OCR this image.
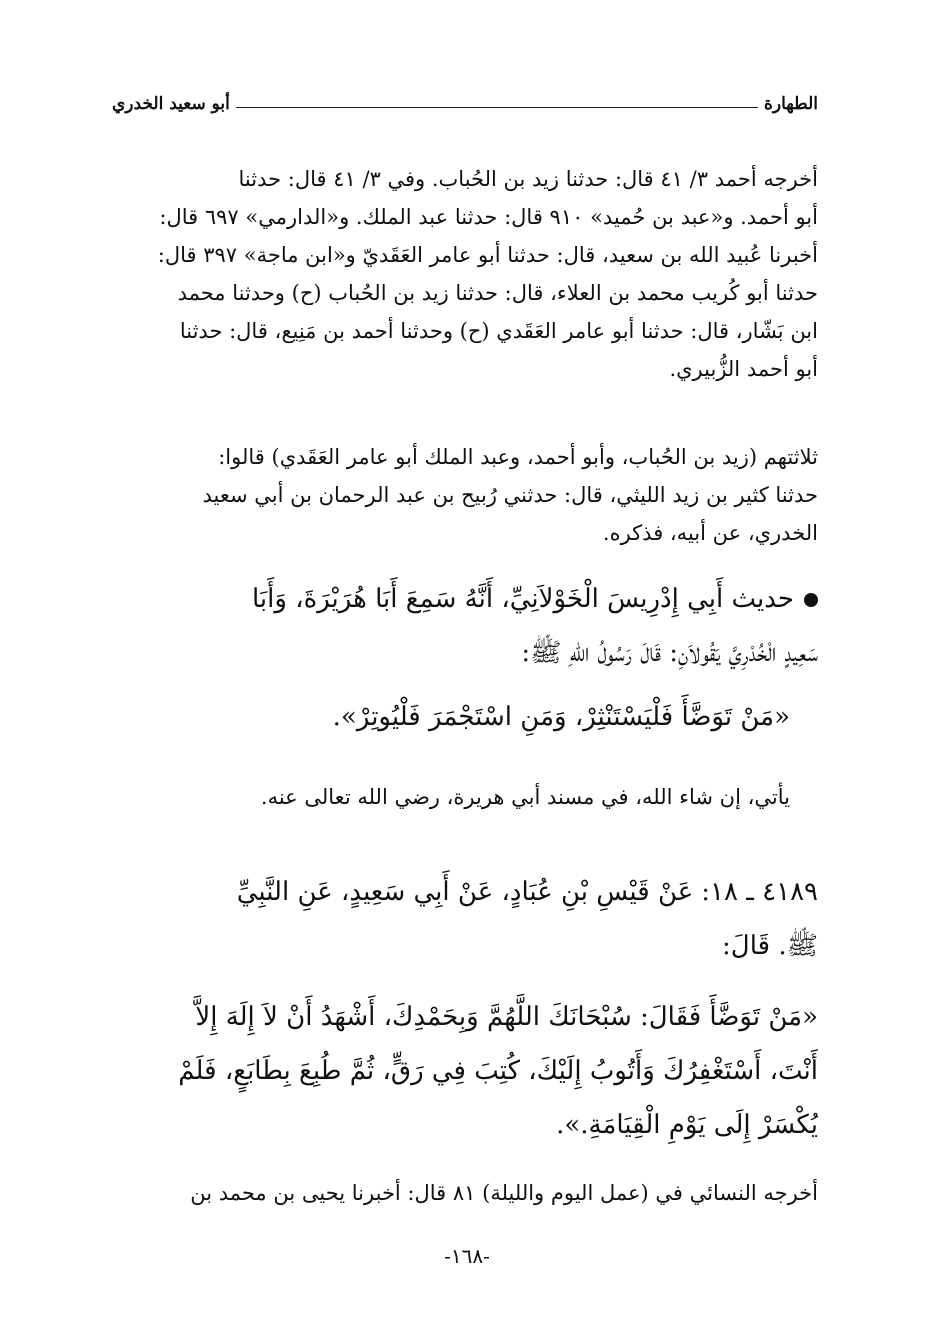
الطهارة
أبو سعيد الخدري
أخرجه أحمد ٣/ ٤١ قال: حدثنا زيد بن الحُباب. وفي ٣/ ٤١ قال: حدثنا
أبو أحمد. و«عبد بن حُميد» ٩١٠ قال: حدثنا عبد الملك. و«الدارمي» ٦٩٧ قال:
أخبرنا عُبيد الله بن سعيد، قال: حدثنا أبو عامر العَقَديّ و«ابن ماجة» ٣٩٧ قال:
حدثنا أبو كُريب محمد بن العلاء، قال: حدثنا زيد بن الحُباب (ح) وحدثنا محمد
ابن بَشّار، قال: حدثنا أبو عامر العَقَدي (ح) وحدثنا أحمد بن مَنِيع، قال: حدثنا
أبو أحمد الزُّبيري.
ثلاثتهم (زيد بن الحُباب، وأبو أحمد، وعبد الملك أبو عامر العَقَدي) قالوا:
حدثنا كثير بن زيد الليثي، قال: حدثني رُبيح بن عبد الرحمان بن أبي سعيد
الخدري، عن أبيه، فذكره.
حديث أَبِي إِدْرِيسَ الْخَوْلاَنِيِّ، أَنَّهُ سَمِعَ أَبَا هُرَيْرَةَ، وَأَبَا
سَعِيدٍ الْخُدْرِيَّ يَقُولاَنِ: قَالَ رَسُولُ اللهِ ﷺ:
«مَنْ تَوَضَّأَ فَلْيَسْتَنْثِرْ، وَمَنِ اسْتَجْمَرَ فَلْيُوتِرْ».
يأتي، إن شاء الله، في مسند أبي هريرة، رضي الله تعالى عنه.
٤١٨٩ ـ ١٨:عَنْ قَيْسِ بْنِ عُبَادٍ، عَنْ أَبِي سَعِيدٍ، عَنِ النَّبِيِّ
ﷺ. قَالَ:
«مَنْ تَوَضَّأَ فَقَالَ: سُبْحَانَكَ اللَّهُمَّ وَبِحَمْدِكَ، أَشْهَدُ أَنْ لاَ إِلَهَ إِلاَّ
أَنْتَ، أَسْتَغْفِرُكَ وَأَتُوبُ إِلَيْكَ، كُتِبَ فِي رَقٍّ، ثُمَّ طُبِعَ بِطَابَعٍ، فَلَمْ
يُكْسَرْ إِلَى يَوْمِ الْقِيَامَةِ.».
أخرجه النسائي في (عمل اليوم والليلة) ٨١ قال: أخبرنا يحيى بن محمد بن
-١٦٨-
